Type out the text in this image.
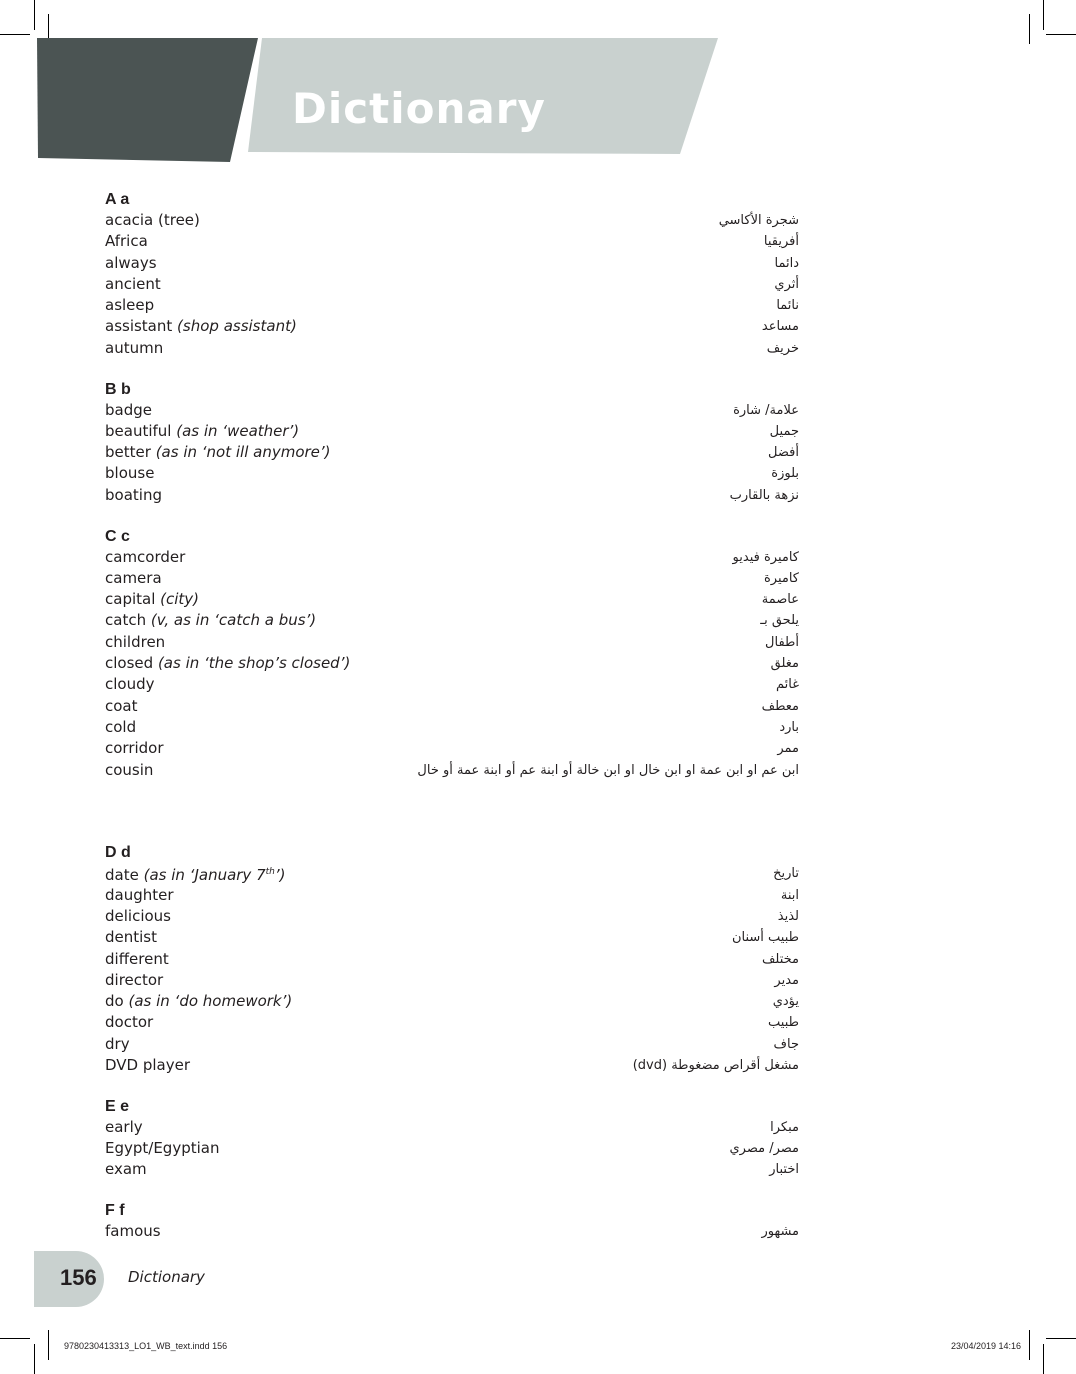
Dictionary
A a
acacia (tree)	شجرة الأكاسي
Africa	أفريقيا
always	دائما
ancient	أثري
asleep	نائما
assistant (shop assistant)	مساعد
autumn	خريف
B b
badge	علامة/ شارة
beautiful (as in ‘weather’)	جميل
better (as in ‘not ill anymore’)	أفضل
blouse	بلوزة
boating	نزهة بالقارب
C c
camcorder	كاميرة فيديو
camera	كاميرة
capital (city)	عاصمة
catch (v, as in ‘catch a bus’)	يلحق بـ
children	أطفال
closed (as in ‘the shop’s closed’)	مغلق
cloudy	غائم
coat	معطف
cold	بارد
corridor	ممر
cousin	ابن عم او ابن عمة او ابن خال او ابن خالة أو ابنة عم أو ابنة عمة أو خال
D d
date (as in ‘January 7th’)	تاريخ
daughter	ابنة
delicious	لذيذ
dentist	طبيب أسنان
different	مختلف
director	مدير
do (as in ‘do homework’)	يؤدي
doctor	طبيب
dry	جاف
DVD player	مشغل أقراص مضغوطة (dvd)
E e
early	مبكرا
Egypt/Egyptian	مصر/ مصري
exam	اختبار
F f
famous	مشهور
156 Dictionary
9780230413313_LO1_WB_text.indd 156	23/04/2019 14:16
